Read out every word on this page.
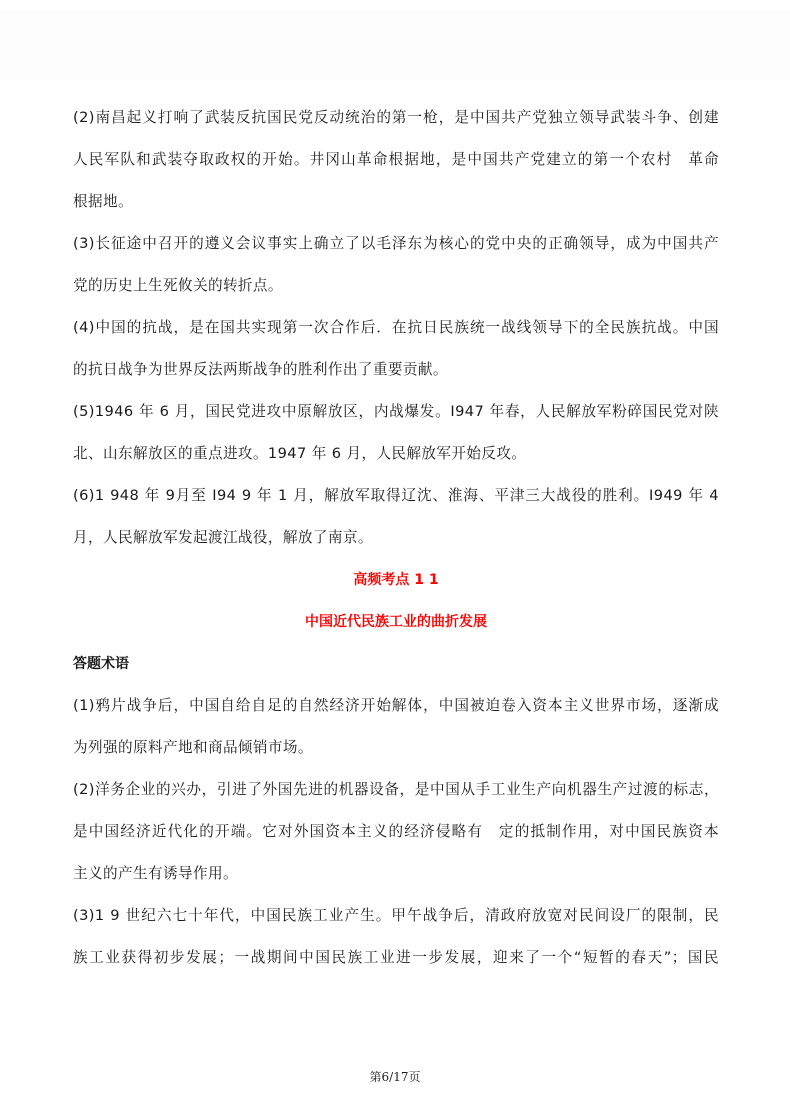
(2)南昌起义打响了武装反抗国民党反动统治的第一枪，是中国共产党独立领导武装斗争、创建
人民军队和武装夺取政权的开始。井冈山革命根据地，是中国共产党建立的第一个农村　革命
根据地。
(3)长征途中召开的遵义会议事实上确立了以毛泽东为核心的党中央的正确领导，成为中国共产
党的历史上生死攸关的转折点。
(4)中国的抗战，是在国共实现第一次合作后．在抗日民族统一战线领导下的全民族抗战。中国
的抗日战争为世界反法两斯战争的胜利作出了重要贡献。
(5)1946 年 6 月，国民党进攻中原解放区，内战爆发。I947 年春，人民解放军粉碎国民党对陕
北、山东解放区的重点进攻。1947 年 6 月，人民解放军开始反攻。
(6)1 948 年 9月至 I94 9 年 1 月，解放军取得辽沈、淮海、平津三大战役的胜利。I949 年 4
月，人民解放军发起渡江战役，解放了南京。
高频考点 1 1
中国近代民族工业的曲折发展
答题术语
(1)鸦片战争后，中国自给自足的自然经济开始解体，中国被迫卷入资本主义世界市场，逐渐成
为列强的原料产地和商品倾销市场。
(2)洋务企业的兴办，引进了外国先进的机器设备，是中国从手工业生产向机器生产过渡的标志，
是中国经济近代化的开端。它对外国资本主义的经济侵略有　定的抵制作用，对中国民族资本
主义的产生有诱导作用。
(3)1 9 世纪六七十年代，中国民族工业产生。甲午战争后，清政府放宽对民间设厂的限制，民
族工业获得初步发展；一战期间中国民族工业进一步发展，迎来了一个“短暂的春天”；国民
第6/17页
